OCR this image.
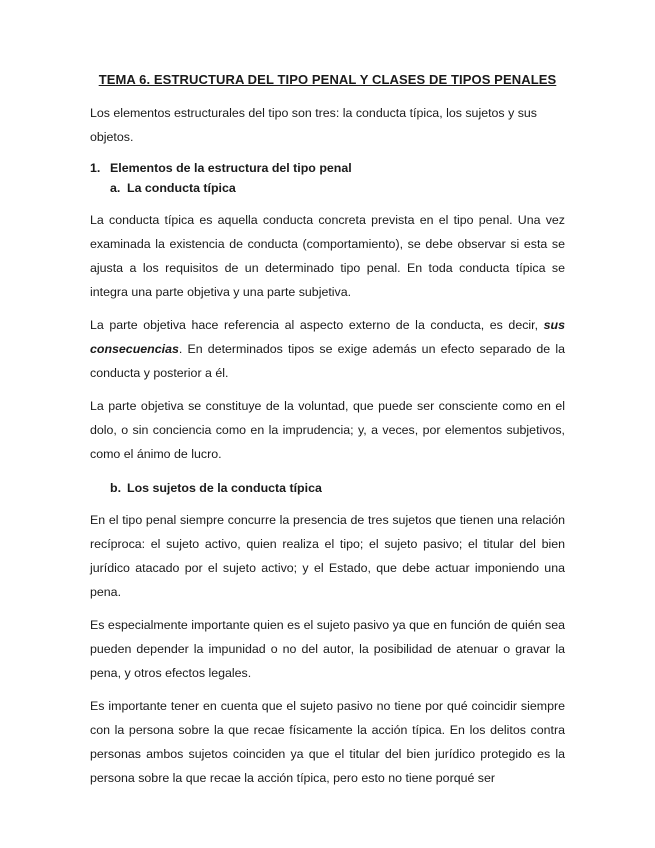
TEMA 6. ESTRUCTURA DEL TIPO PENAL Y CLASES DE TIPOS PENALES

Los elementos estructurales del tipo son tres: la conducta típica, los sujetos y sus objetos.

1. Elementos de la estructura del tipo penal
a. La conducta típica

La conducta típica es aquella conducta concreta prevista en el tipo penal. Una vez examinada la existencia de conducta (comportamiento), se debe observar si esta se ajusta a los requisitos de un determinado tipo penal. En toda conducta típica se integra una parte objetiva y una parte subjetiva.

La parte objetiva hace referencia al aspecto externo de la conducta, es decir, sus consecuencias. En determinados tipos se exige además un efecto separado de la conducta y posterior a él.

La parte objetiva se constituye de la voluntad, que puede ser consciente como en el dolo, o sin conciencia como en la imprudencia; y, a veces, por elementos subjetivos, como el ánimo de lucro.

b. Los sujetos de la conducta típica

En el tipo penal siempre concurre la presencia de tres sujetos que tienen una relación recíproca: el sujeto activo, quien realiza el tipo; el sujeto pasivo; el titular del bien jurídico atacado por el sujeto activo; y el Estado, que debe actuar imponiendo una pena.

Es especialmente importante quien es el sujeto pasivo ya que en función de quién sea pueden depender la impunidad o no del autor, la posibilidad de atenuar o gravar la pena, y otros efectos legales.

Es importante tener en cuenta que el sujeto pasivo no tiene por qué coincidir siempre con la persona sobre la que recae físicamente la acción típica. En los delitos contra personas ambos sujetos coinciden ya que el titular del bien jurídico protegido es la persona sobre la que recae la acción típica, pero esto no tiene porqué ser
